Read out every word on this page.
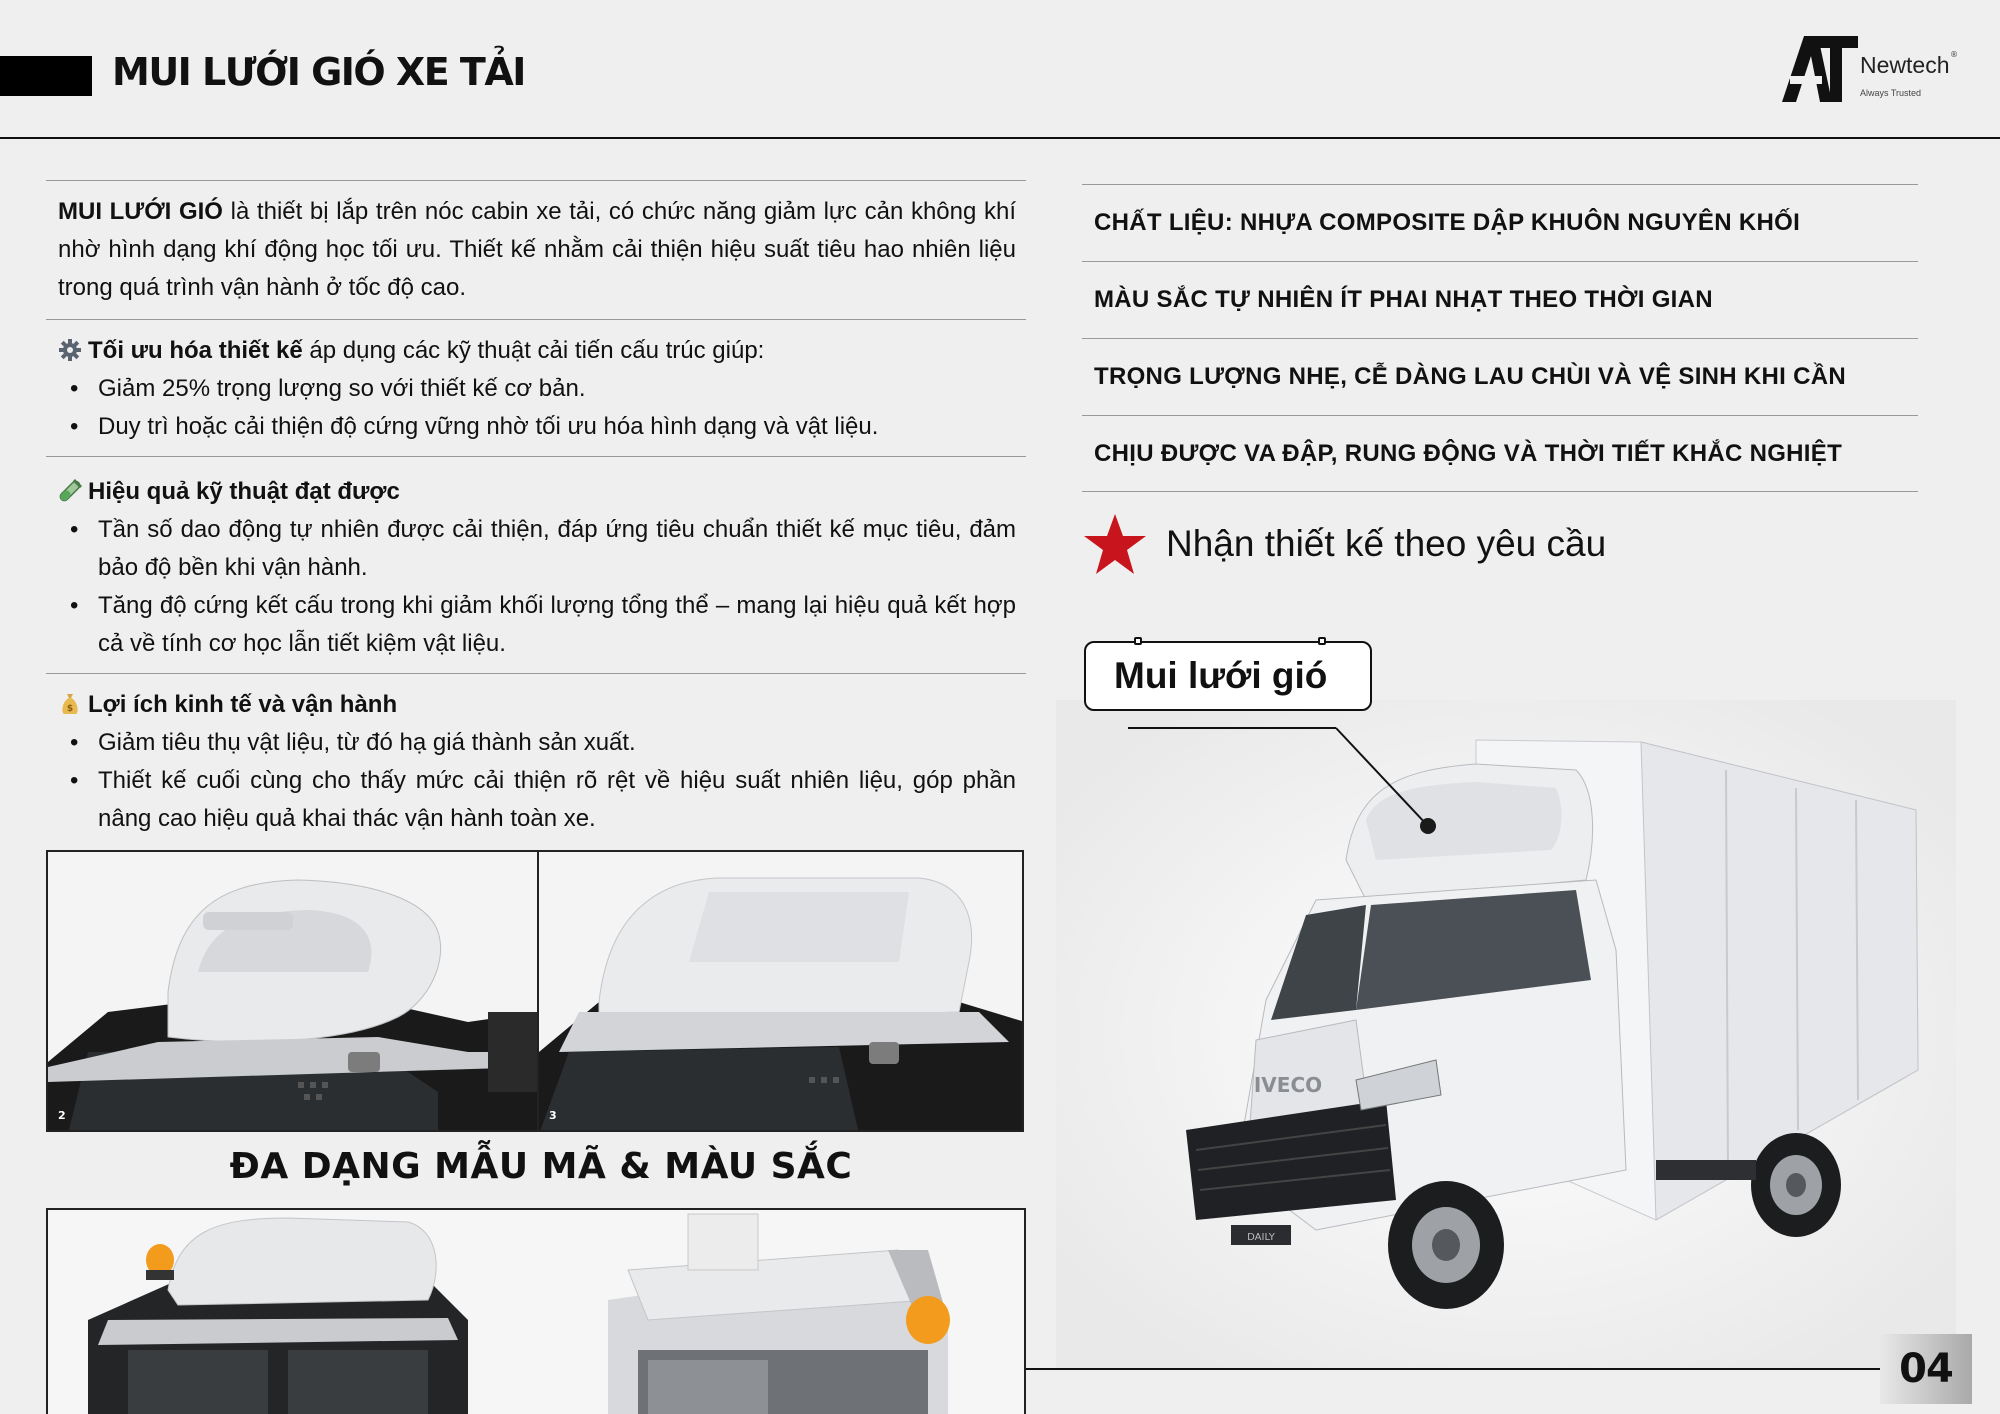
MUI LƯỚI GIÓ XE TẢI	Newtech ®
Always Trusted

MUI LƯỚI GIÓ là thiết bị lắp trên nóc cabin xe tải, có chức năng giảm lực cản không khí nhờ hình dạng khí động học tối ưu. Thiết kế nhằm cải thiện hiệu suất tiêu hao nhiên liệu trong quá trình vận hành ở tốc độ cao.

Tối ưu hóa thiết kế áp dụng các kỹ thuật cải tiến cấu trúc giúp:
• Giảm 25% trọng lượng so với thiết kế cơ bản.
• Duy trì hoặc cải thiện độ cứng vững nhờ tối ưu hóa hình dạng và vật liệu.
Hiệu quả kỹ thuật đạt được
• Tần số dao động tự nhiên được cải thiện, đáp ứng tiêu chuẩn thiết kế mục tiêu, đảm bảo độ bền khi vận hành.
• Tăng độ cứng kết cấu trong khi giảm khối lượng tổng thể – mang lại hiệu quả kết hợp cả về tính cơ học lẫn tiết kiệm vật liệu.
$ Lợi ích kinh tế và vận hành
• Giảm tiêu thụ vật liệu, từ đó hạ giá thành sản xuất.
• Thiết kế cuối cùng cho thấy mức cải thiện rõ rệt về hiệu suất nhiên liệu, góp phần nâng cao hiệu quả khai thác vận hành toàn xe.
2	3
ĐA DẠNG MẪU MÃ & MÀU SẮC
CHẤT LIỆU: NHỰA COMPOSITE DẬP KHUÔN NGUYÊN KHỐI
MÀU SẮC TỰ NHIÊN ÍT PHAI NHẠT THEO THỜI GIAN
TRỌNG LƯỢNG NHẸ, CỄ DÀNG LAU CHÙI VÀ VỆ SINH KHI CẦN
CHỊU ĐƯỢC VA ĐẬP, RUNG ĐỘNG VÀ THỜI TIẾT KHẮC NGHIỆT
Nhận thiết kế theo yêu cầu
IVECO
DAILY
Mui lưới gió
04
